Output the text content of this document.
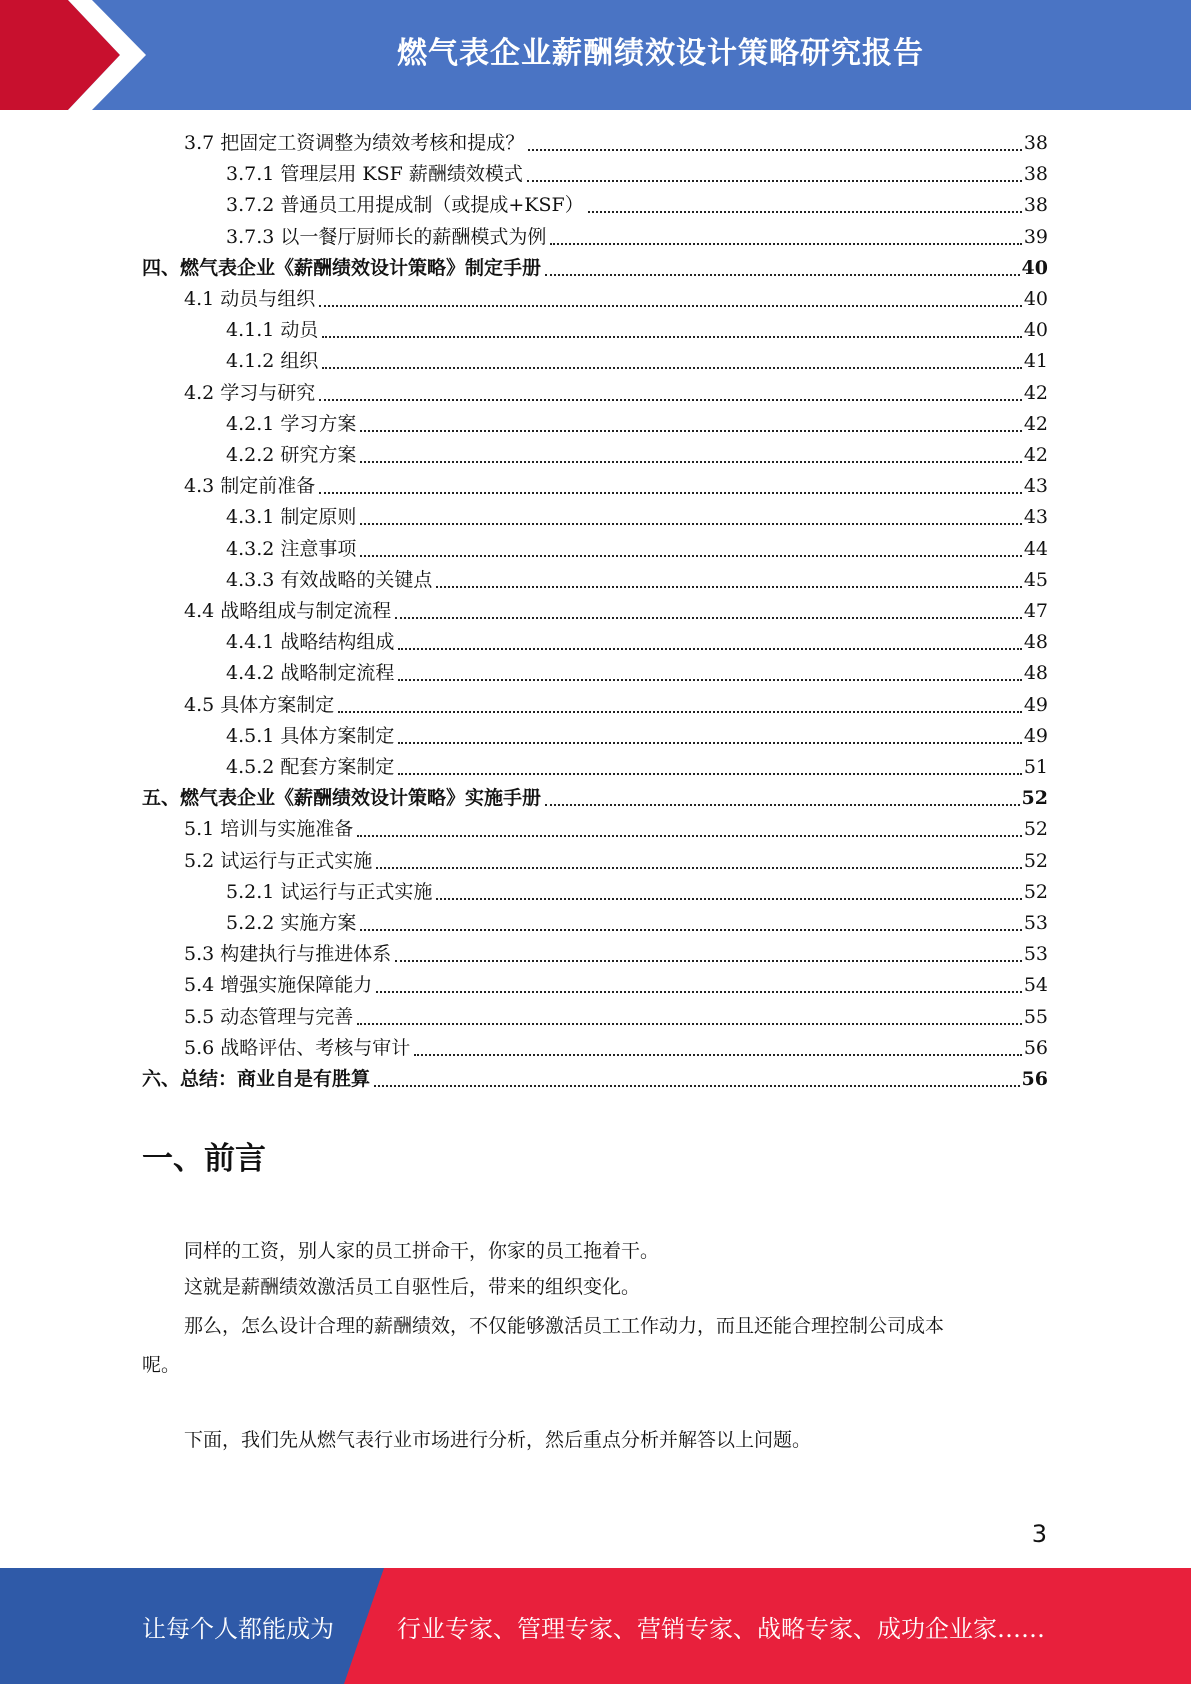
燃气表企业薪酬绩效设计策略研究报告
3.7 把固定工资调整为绩效考核和提成？	38
3.7.1 管理层用 KSF 薪酬绩效模式	38
3.7.2 普通员工用提成制（或提成+KSF）	38
3.7.3 以一餐厅厨师长的薪酬模式为例	39
四、燃气表企业《薪酬绩效设计策略》制定手册	40
4.1 动员与组织	40
4.1.1 动员	40
4.1.2 组织	41
4.2 学习与研究	42
4.2.1 学习方案	42
4.2.2 研究方案	42
4.3 制定前准备	43
4.3.1 制定原则	43
4.3.2 注意事项	44
4.3.3 有效战略的关键点	45
4.4 战略组成与制定流程	47
4.4.1 战略结构组成	48
4.4.2 战略制定流程	48
4.5 具体方案制定	49
4.5.1 具体方案制定	49
4.5.2 配套方案制定	51
五、燃气表企业《薪酬绩效设计策略》实施手册	52
5.1 培训与实施准备	52
5.2 试运行与正式实施	52
5.2.1 试运行与正式实施	52
5.2.2 实施方案	53
5.3 构建执行与推进体系	53
5.4 增强实施保障能力	54
5.5 动态管理与完善	55
5.6 战略评估、考核与审计	56
六、总结：商业自是有胜算	56
一、前言
同样的工资，别人家的员工拼命干，你家的员工拖着干。
这就是薪酬绩效激活员工自驱性后，带来的组织变化。
那么，怎么设计合理的薪酬绩效，不仅能够激活员工工作动力，而且还能合理控制公司成本
呢。
下面，我们先从燃气表行业市场进行分析，然后重点分析并解答以上问题。
3
让每个人都能成为	行业专家、管理专家、营销专家、战略专家、成功企业家……
